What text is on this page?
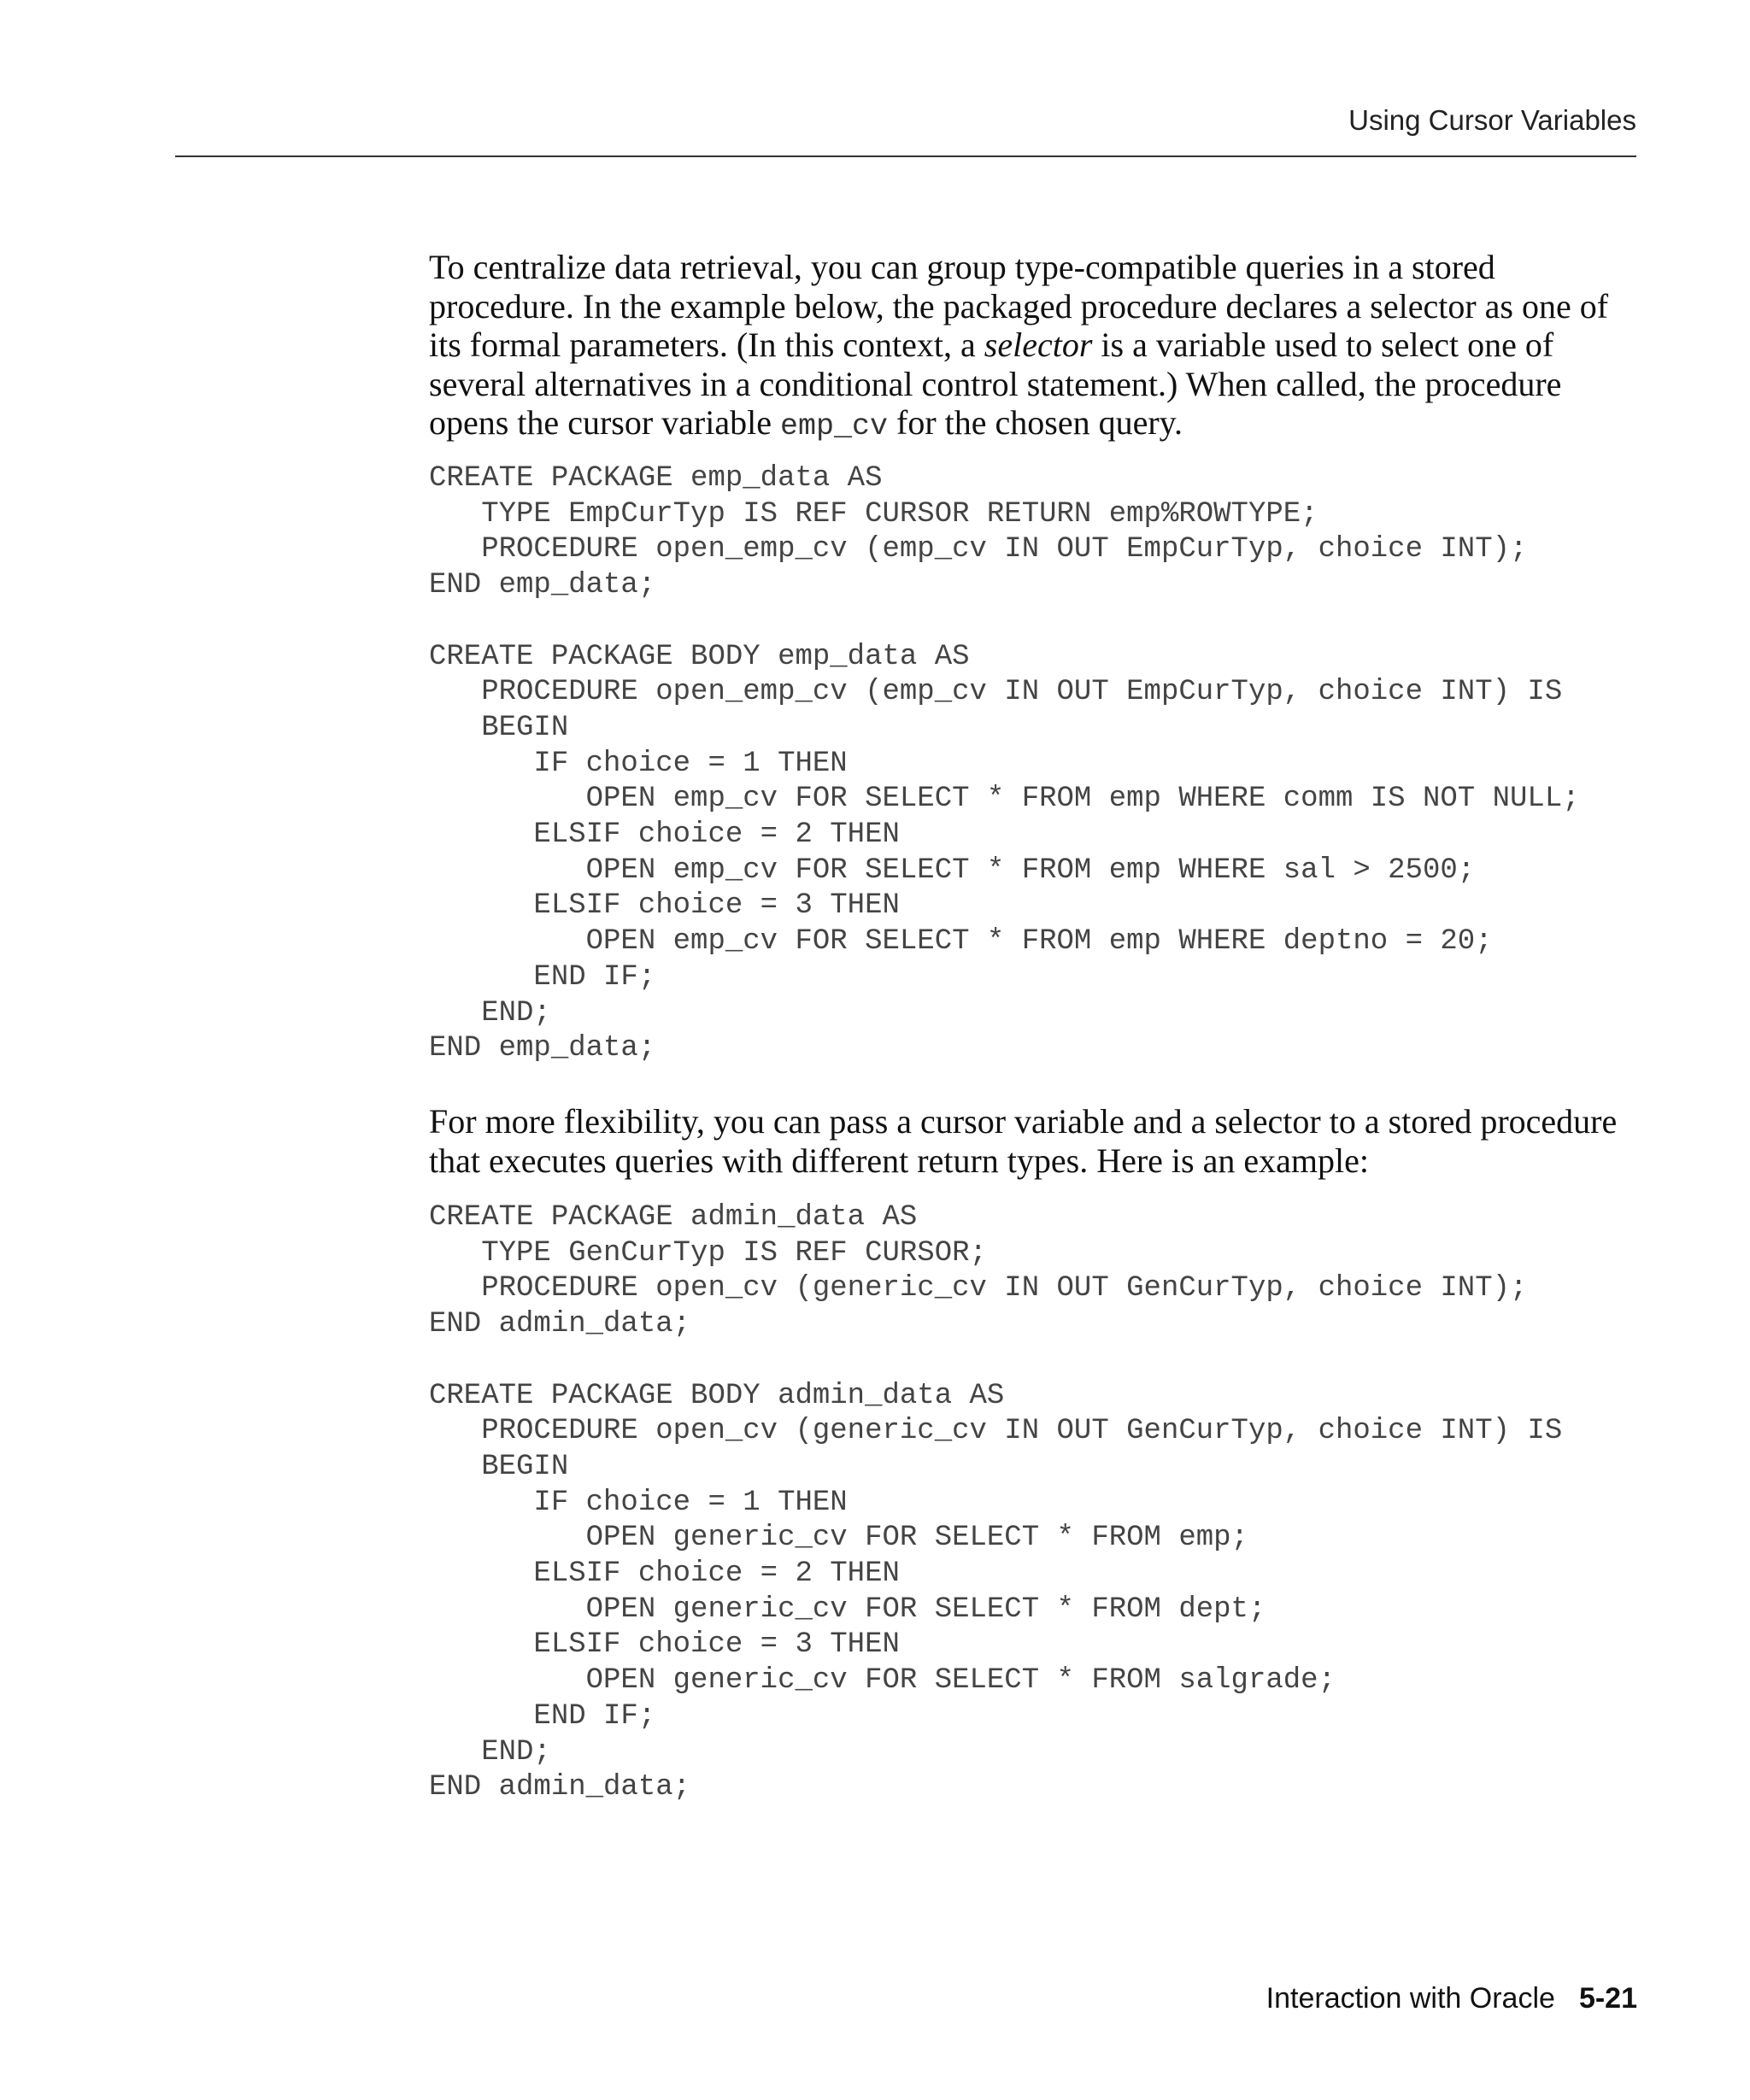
Using Cursor Variables

To centralize data retrieval, you can group type-compatible queries in a stored procedure. In the example below, the packaged procedure declares a selector as one of its formal parameters. (In this context, a selector is a variable used to select one of several alternatives in a conditional control statement.) When called, the procedure opens the cursor variable emp_cv for the chosen query.

CREATE PACKAGE emp_data AS
TYPE EmpCurTyp IS REF CURSOR RETURN emp%ROWTYPE;
PROCEDURE open_emp_cv (emp_cv IN OUT EmpCurTyp, choice INT);
END emp_data;

CREATE PACKAGE BODY emp_data AS
PROCEDURE open_emp_cv (emp_cv IN OUT EmpCurTyp, choice INT) IS
BEGIN
IF choice = 1 THEN
OPEN emp_cv FOR SELECT * FROM emp WHERE comm IS NOT NULL;
ELSIF choice = 2 THEN
OPEN emp_cv FOR SELECT * FROM emp WHERE sal > 2500;
ELSIF choice = 3 THEN
OPEN emp_cv FOR SELECT * FROM emp WHERE deptno = 20;
END IF;
END;
END emp_data;

For more flexibility, you can pass a cursor variable and a selector to a stored procedure that executes queries with different return types. Here is an example:

CREATE PACKAGE admin_data AS
TYPE GenCurTyp IS REF CURSOR;
PROCEDURE open_cv (generic_cv IN OUT GenCurTyp, choice INT);
END admin_data;

CREATE PACKAGE BODY admin_data AS
PROCEDURE open_cv (generic_cv IN OUT GenCurTyp, choice INT) IS
BEGIN
IF choice = 1 THEN
OPEN generic_cv FOR SELECT * FROM emp;
ELSIF choice = 2 THEN
OPEN generic_cv FOR SELECT * FROM dept;
ELSIF choice = 3 THEN
OPEN generic_cv FOR SELECT * FROM salgrade;
END IF;
END;
END admin_data;
Interaction with Oracle 5-21
